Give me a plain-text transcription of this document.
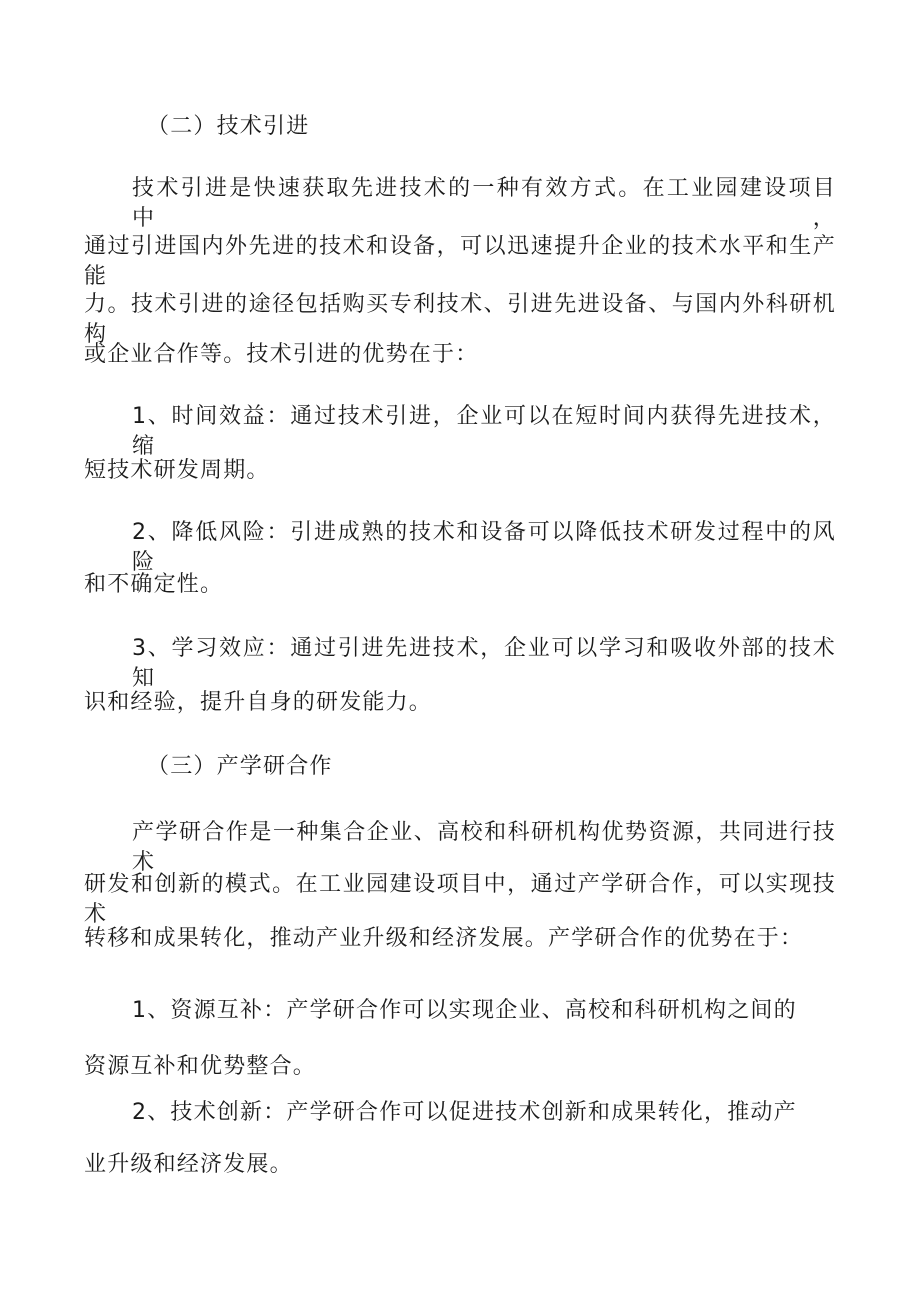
（二）技术引进
技术引进是快速获取先进技术的一种有效方式。在工业园建设项目中，
通过引进国内外先进的技术和设备，可以迅速提升企业的技术水平和生产能
力。技术引进的途径包括购买专利技术、引进先进设备、与国内外科研机构
或企业合作等。技术引进的优势在于：
1、时间效益：通过技术引进，企业可以在短时间内获得先进技术，缩
短技术研发周期。
2、降低风险：引进成熟的技术和设备可以降低技术研发过程中的风险
和不确定性。
3、学习效应：通过引进先进技术，企业可以学习和吸收外部的技术知
识和经验，提升自身的研发能力。
（三）产学研合作
产学研合作是一种集合企业、高校和科研机构优势资源，共同进行技术
研发和创新的模式。在工业园建设项目中，通过产学研合作，可以实现技术
转移和成果转化，推动产业升级和经济发展。产学研合作的优势在于：
1、资源互补：产学研合作可以实现企业、高校和科研机构之间的
资源互补和优势整合。
2、技术创新：产学研合作可以促进技术创新和成果转化，推动产
业升级和经济发展。
